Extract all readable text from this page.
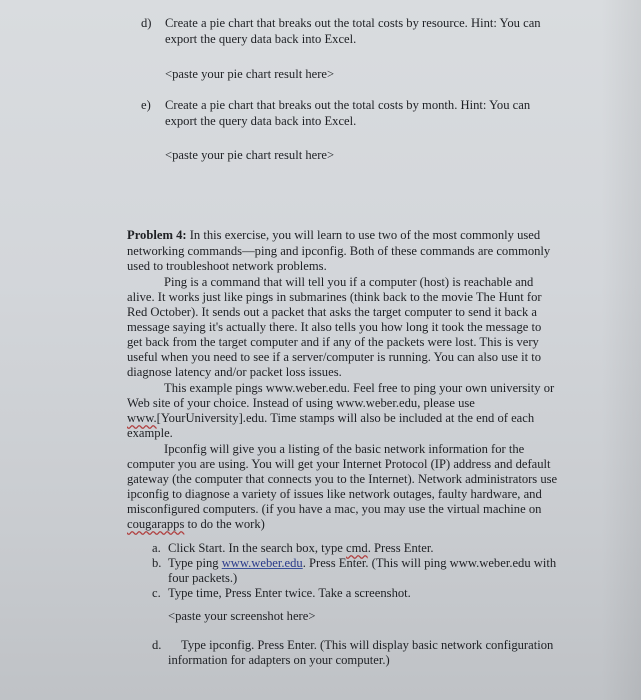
d) Create a pie chart that breaks out the total costs by resource. Hint: You can
export the query data back into Excel.
<paste your pie chart result here>
e) Create a pie chart that breaks out the total costs by month. Hint: You can
export the query data back into Excel.
<paste your pie chart result here>
Problem 4: In this exercise, you will learn to use two of the most commonly used
networking commands—ping and ipconfig. Both of these commands are commonly
used to troubleshoot network problems.
Ping is a command that will tell you if a computer (host) is reachable and
alive. It works just like pings in submarines (think back to the movie The Hunt for
Red October). It sends out a packet that asks the target computer to send it back a
message saying it's actually there. It also tells you how long it took the message to
get back from the target computer and if any of the packets were lost. This is very
useful when you need to see if a server/computer is running. You can also use it to
diagnose latency and/or packet loss issues.
This example pings www.weber.edu. Feel free to ping your own university or
Web site of your choice. Instead of using www.weber.edu, please use
www.[YourUniversity].edu. Time stamps will also be included at the end of each
example.
Ipconfig will give you a listing of the basic network information for the
computer you are using. You will get your Internet Protocol (IP) address and default
gateway (the computer that connects you to the Internet). Network administrators use
ipconfig to diagnose a variety of issues like network outages, faulty hardware, and
misconfigured computers. (if you have a mac, you may use the virtual machine on
cougarapps to do the work)
a. Click Start. In the search box, type cmd. Press Enter.
b. Type ping www.weber.edu. Press Enter. (This will ping www.weber.edu with
four packets.)
c. Type time, Press Enter twice. Take a screenshot.
<paste your screenshot here>
d. Type ipconfig. Press Enter. (This will display basic network configuration
information for adapters on your computer.)
